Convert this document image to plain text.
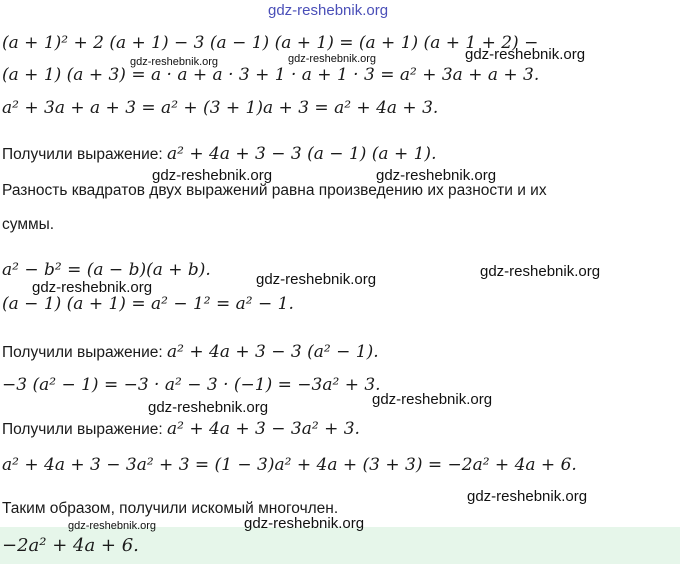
gdz-reshebnik.org
(a + 1)² + 2 (a + 1) − 3 (a − 1) (a + 1) = (a + 1) (a + 1 + 2) −
(a + 1) (a + 3) = a · a + a · 3 + 1 · a + 1 · 3 = a² + 3a + a + 3.
a² + 3a + a + 3 = a² + (3 + 1)a + 3 = a² + 4a + 3.
Получили выражение: a² + 4a + 3 − 3 (a − 1) (a + 1).
Разность квадратов двух выражений равна произведению их разности и их
суммы.
a² − b² = (a − b)(a + b).
(a − 1) (a + 1) = a² − 1² = a² − 1.
Получили выражение: a² + 4a + 3 − 3 (a² − 1).
−3 (a² − 1) = −3 · a² − 3 · (−1) = −3a² + 3.
Получили выражение: a² + 4a + 3 − 3a² + 3.
a² + 4a + 3 − 3a² + 3 = (1 − 3)a² + 4a + (3 + 3) = −2a² + 4a + 6.
Таким образом, получили искомый многочлен.
−2a² + 4a + 6.
gdz-reshebnik.org	gdz-reshebnik.org	gdz-reshebnik.org
gdz-reshebnik.org	gdz-reshebnik.org
gdz-reshebnik.org	gdz-reshebnik.org
gdz-reshebnik.org
gdz-reshebnik.org	gdz-reshebnik.org
gdz-reshebnik.org
gdz-reshebnik.org	gdz-reshebnik.org
